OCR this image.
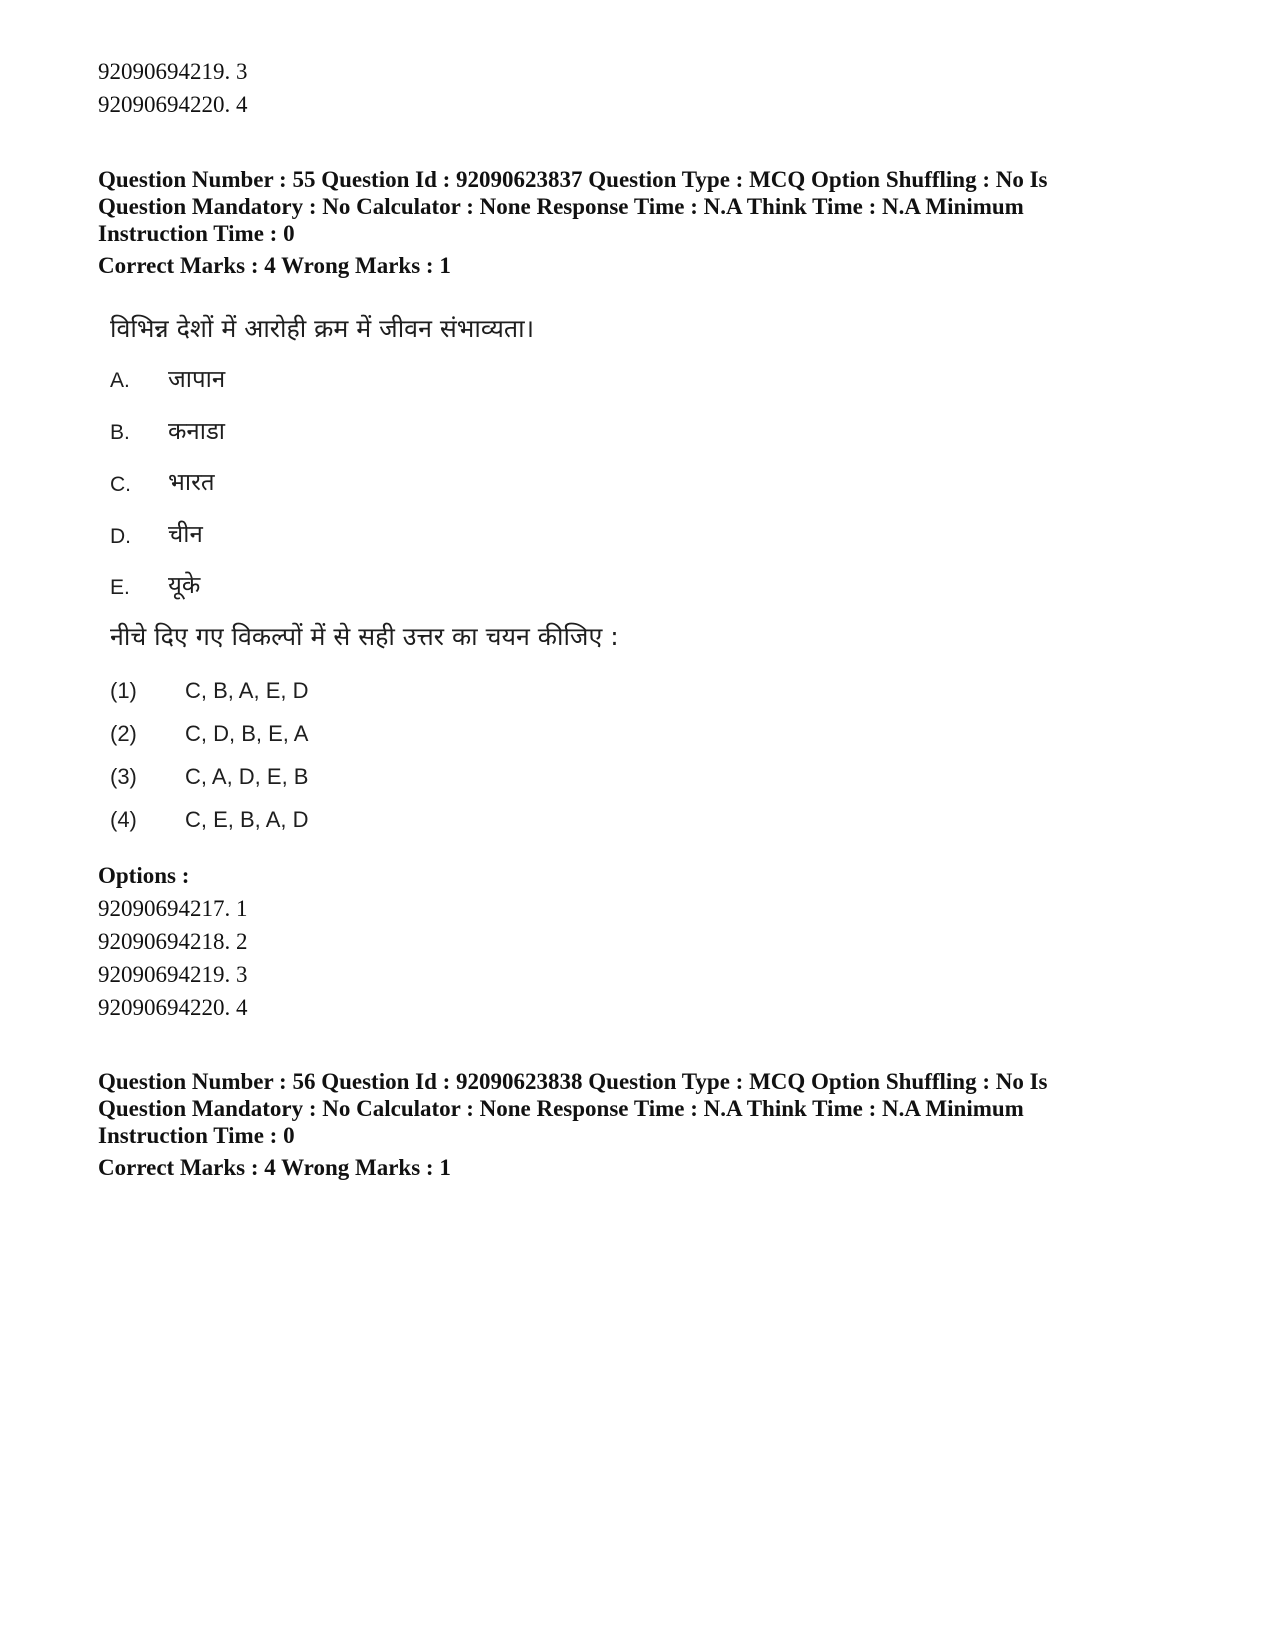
92090694219. 3
92090694220. 4
Question Number : 55 Question Id : 92090623837 Question Type : MCQ Option Shuffling : No Is
Question Mandatory : No Calculator : None Response Time : N.A Think Time : N.A Minimum
Instruction Time : 0
Correct Marks : 4 Wrong Marks : 1
विभिन्न देशों में आरोही क्रम में जीवन संभाव्यता।
A. जापान
B. कनाडा
C. भारत
D. चीन
E. यूके
नीचे दिए गए विकल्पों में से सही उत्तर का चयन कीजिए :
(1) C, B, A, E, D
(2) C, D, B, E, A
(3) C, A, D, E, B
(4) C, E, B, A, D
Options :
92090694217. 1
92090694218. 2
92090694219. 3
92090694220. 4
Question Number : 56 Question Id : 92090623838 Question Type : MCQ Option Shuffling : No Is
Question Mandatory : No Calculator : None Response Time : N.A Think Time : N.A Minimum
Instruction Time : 0
Correct Marks : 4 Wrong Marks : 1
